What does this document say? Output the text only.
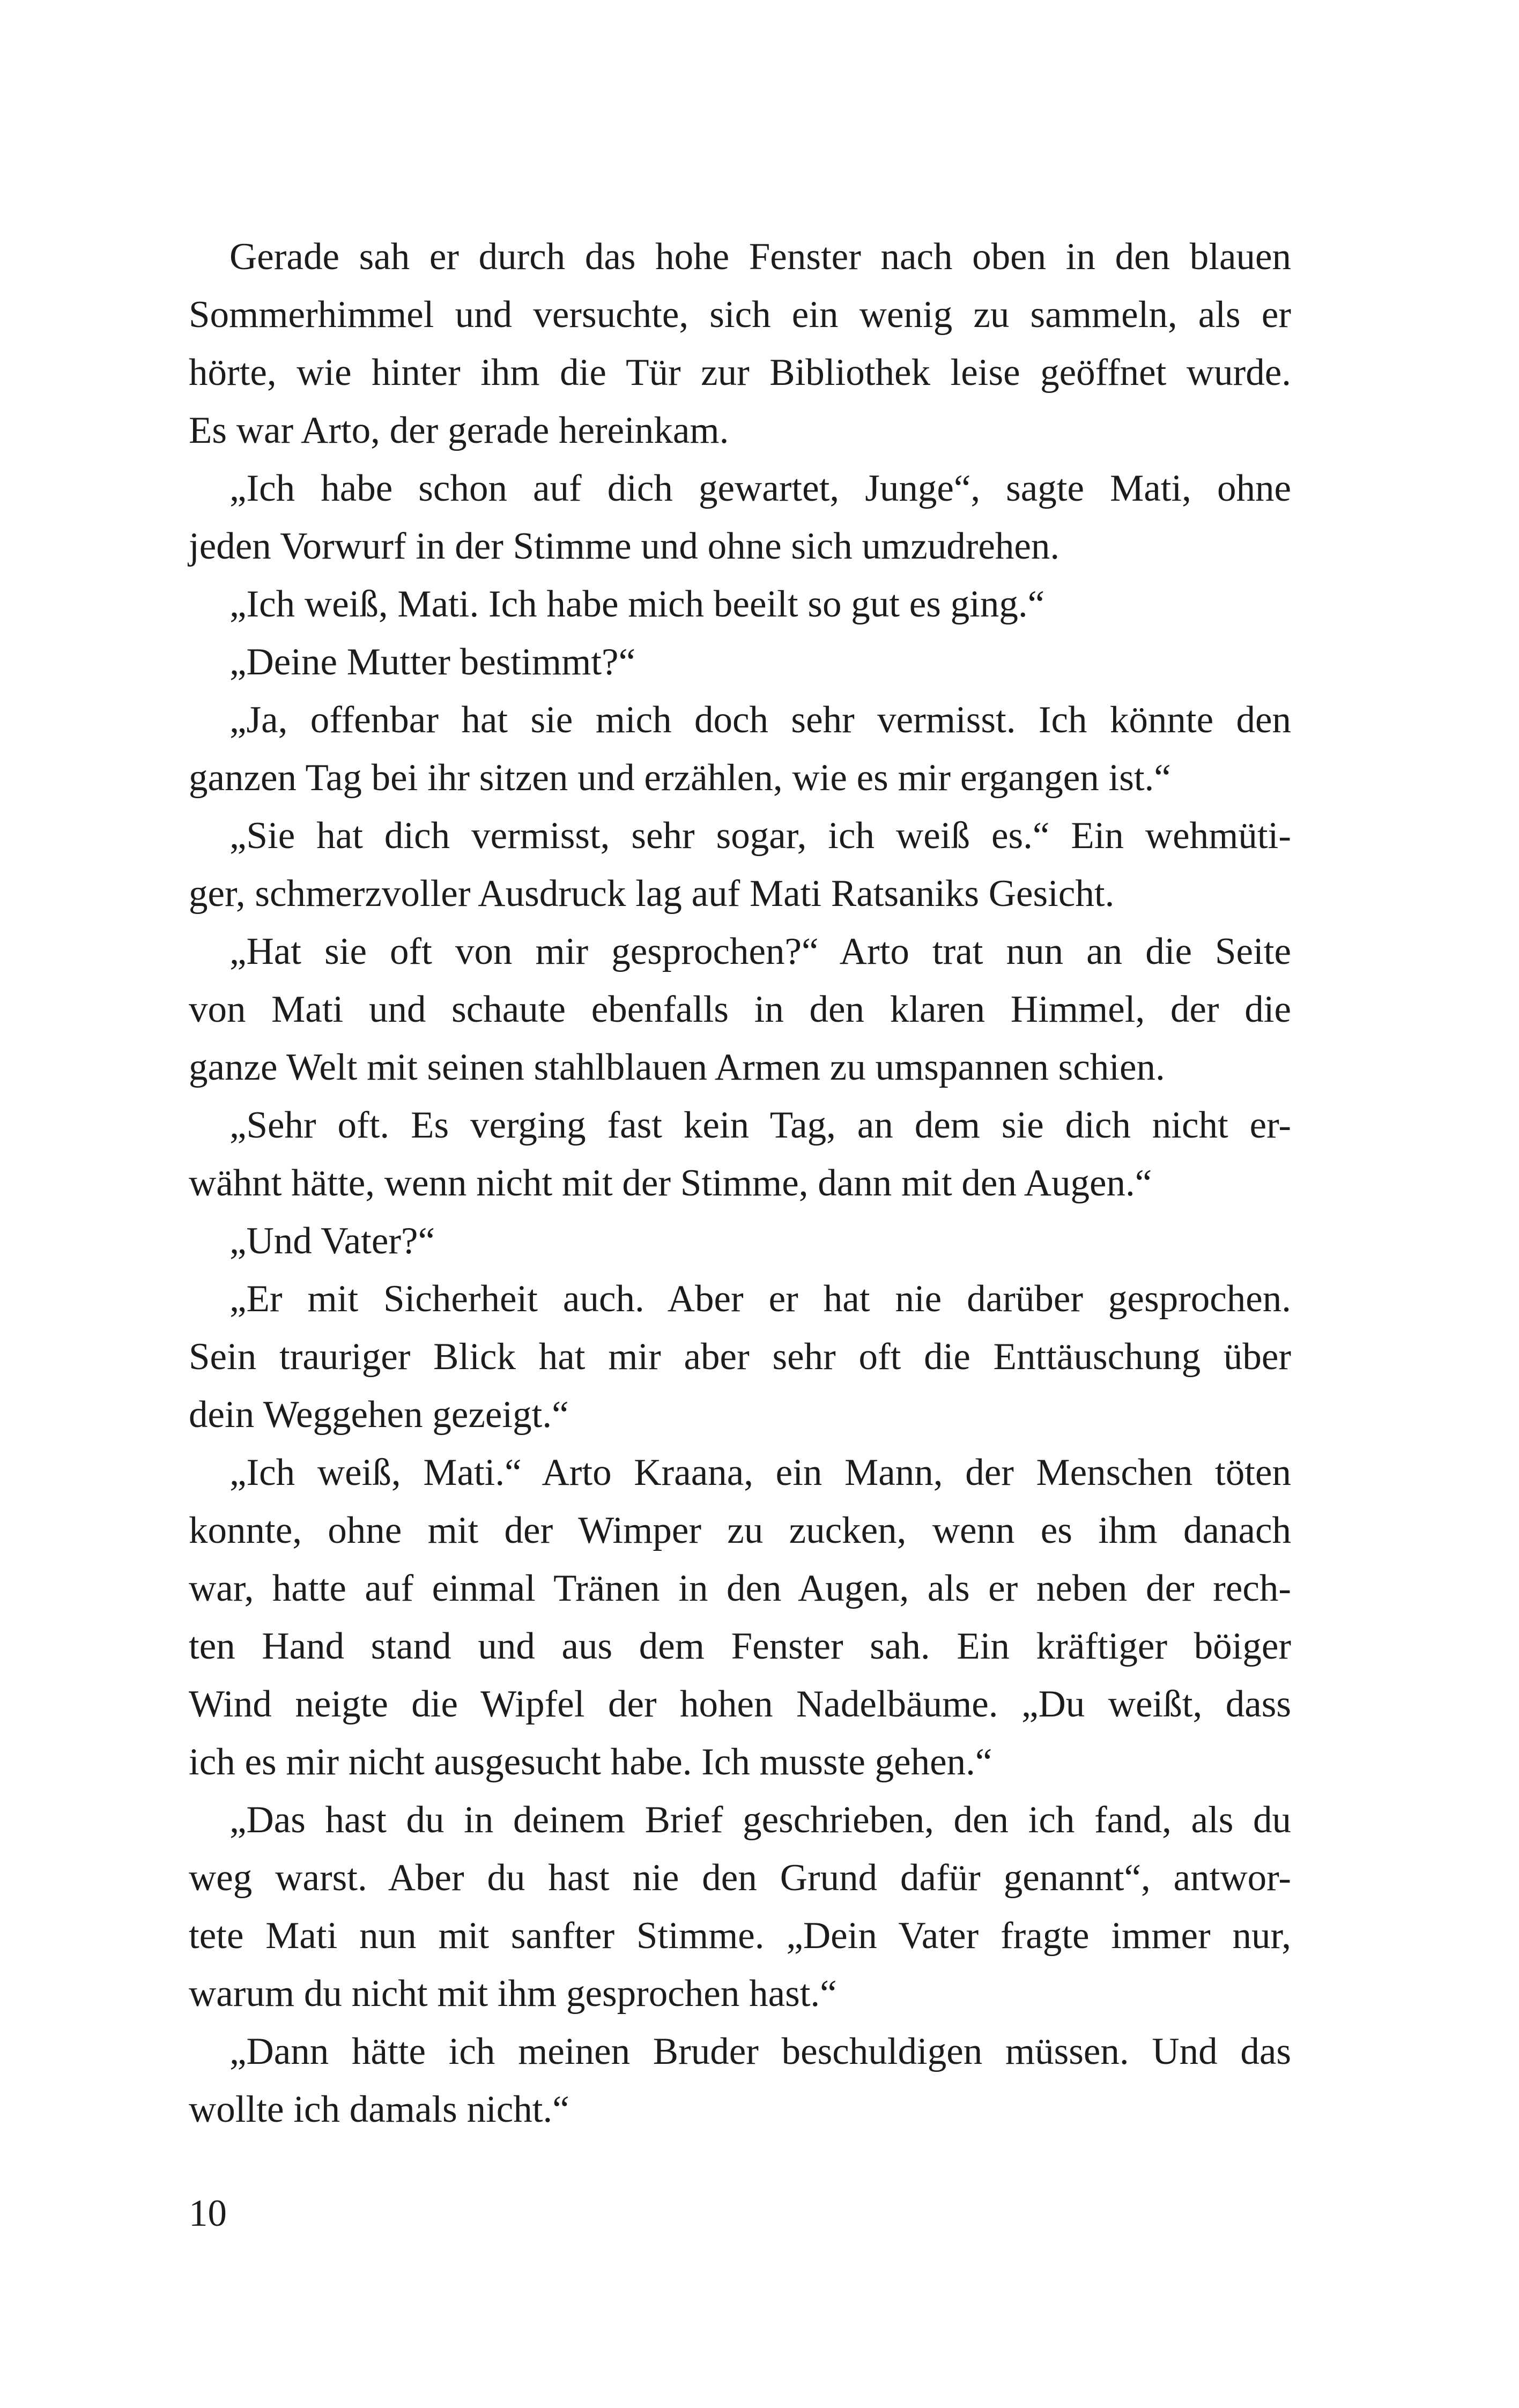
Gerade sah er durch das hohe Fenster nach oben in den blauen
Sommerhimmel und versuchte, sich ein wenig zu sammeln, als er
hörte, wie hinter ihm die Tür zur Bibliothek leise geöffnet wurde.
Es war Arto, der gerade hereinkam.
„Ich habe schon auf dich gewartet, Junge“, sagte Mati, ohne
jeden Vorwurf in der Stimme und ohne sich umzudrehen.
„Ich weiß, Mati. Ich habe mich beeilt so gut es ging.“
„Deine Mutter bestimmt?“
„Ja, offenbar hat sie mich doch sehr vermisst. Ich könnte den
ganzen Tag bei ihr sitzen und erzählen, wie es mir ergangen ist.“
„Sie hat dich vermisst, sehr sogar, ich weiß es.“ Ein wehmüti-
ger, schmerzvoller Ausdruck lag auf Mati Ratsaniks Gesicht.
„Hat sie oft von mir gesprochen?“ Arto trat nun an die Seite
von Mati und schaute ebenfalls in den klaren Himmel, der die
ganze Welt mit seinen stahlblauen Armen zu umspannen schien.
„Sehr oft. Es verging fast kein Tag, an dem sie dich nicht er-
wähnt hätte, wenn nicht mit der Stimme, dann mit den Augen.“
„Und Vater?“
„Er mit Sicherheit auch. Aber er hat nie darüber gesprochen.
Sein trauriger Blick hat mir aber sehr oft die Enttäuschung über
dein Weggehen gezeigt.“
„Ich weiß, Mati.“ Arto Kraana, ein Mann, der Menschen töten
konnte, ohne mit der Wimper zu zucken, wenn es ihm danach
war, hatte auf einmal Tränen in den Augen, als er neben der rech-
ten Hand stand und aus dem Fenster sah. Ein kräftiger böiger
Wind neigte die Wipfel der hohen Nadelbäume. „Du weißt, dass
ich es mir nicht ausgesucht habe. Ich musste gehen.“
„Das hast du in deinem Brief geschrieben, den ich fand, als du
weg warst. Aber du hast nie den Grund dafür genannt“, antwor-
tete Mati nun mit sanfter Stimme. „Dein Vater fragte immer nur,
warum du nicht mit ihm gesprochen hast.“
„Dann hätte ich meinen Bruder beschuldigen müssen. Und das
wollte ich damals nicht.“
10
